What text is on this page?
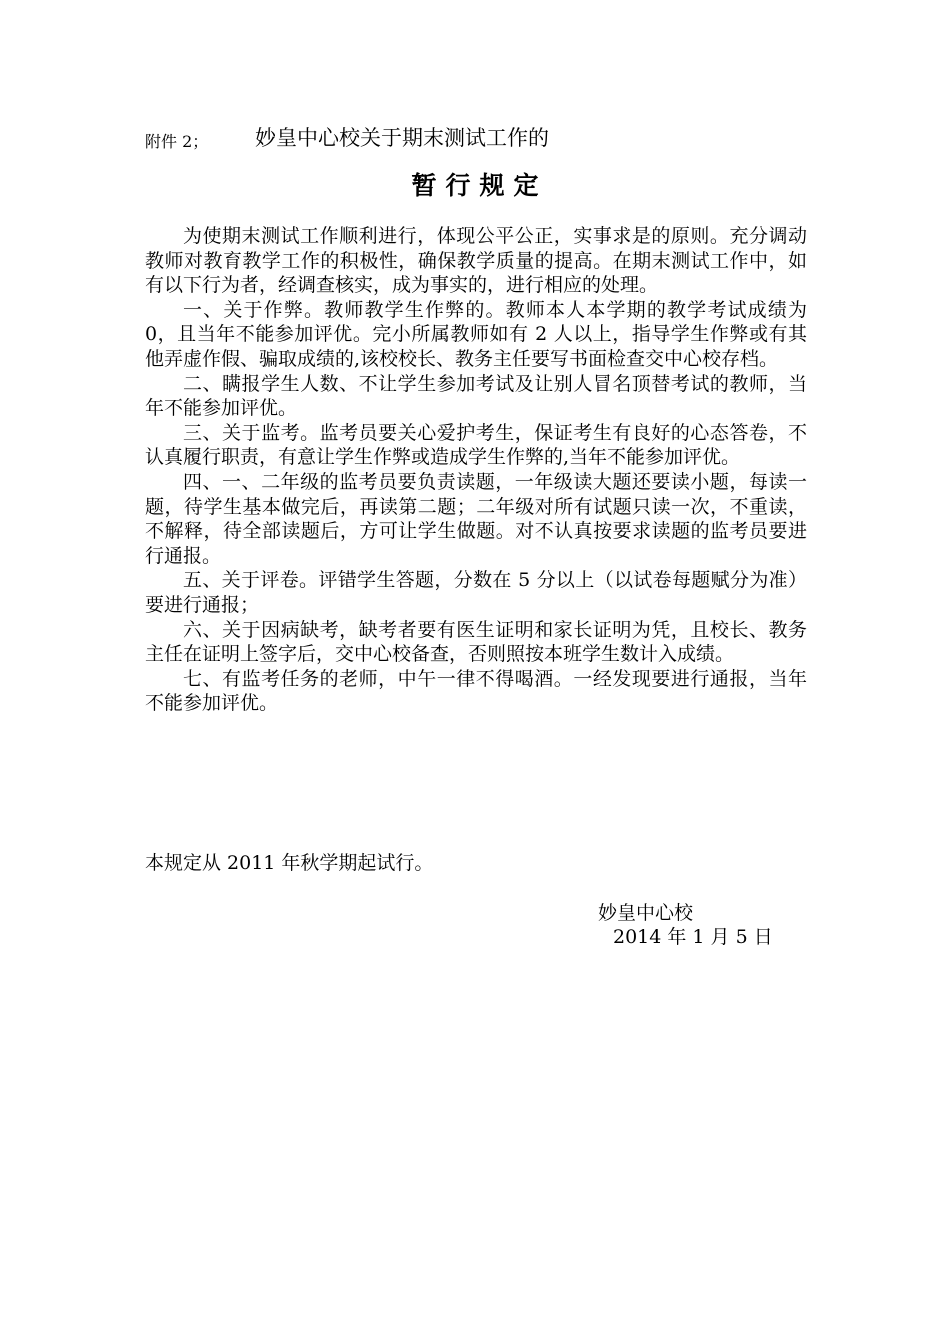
附件 2； 妙皇中心校关于期末测试工作的
暂行规定

为使期末测试工作顺利进行，体现公平公正，实事求是的原则。充分调动教师对教育教学工作的积极性，确保教学质量的提高。在期末测试工作中，如有以下行为者，经调查核实，成为事实的，进行相应的处理。

一、关于作弊。教师教学生作弊的。教师本人本学期的教学考试成绩为 0，且当年不能参加评优。完小所属教师如有 2 人以上，指导学生作弊或有其他弄虚作假、骗取成绩的,该校校长、教务主任要写书面检查交中心校存档。

二、瞒报学生人数、不让学生参加考试及让别人冒名顶替考试的教师，当年不能参加评优。

三、关于监考。监考员要关心爱护考生，保证考生有良好的心态答卷，不认真履行职责，有意让学生作弊或造成学生作弊的,当年不能参加评优。

四、一、二年级的监考员要负责读题，一年级读大题还要读小题，每读一题，待学生基本做完后，再读第二题；二年级对所有试题只读一次，不重读，不解释，待全部读题后，方可让学生做题。对不认真按要求读题的监考员要进行通报。

五、关于评卷。评错学生答题，分数在 5 分以上（以试卷每题赋分为准）要进行通报；

六、关于因病缺考，缺考者要有医生证明和家长证明为凭，且校长、教务主任在证明上签字后，交中心校备查，否则照按本班学生数计入成绩。

七、有监考任务的老师，中午一律不得喝酒。一经发现要进行通报，当年不能参加评优。

本规定从 2011 年秋学期起试行。
妙皇中心校
2014 年 1 月 5 日
